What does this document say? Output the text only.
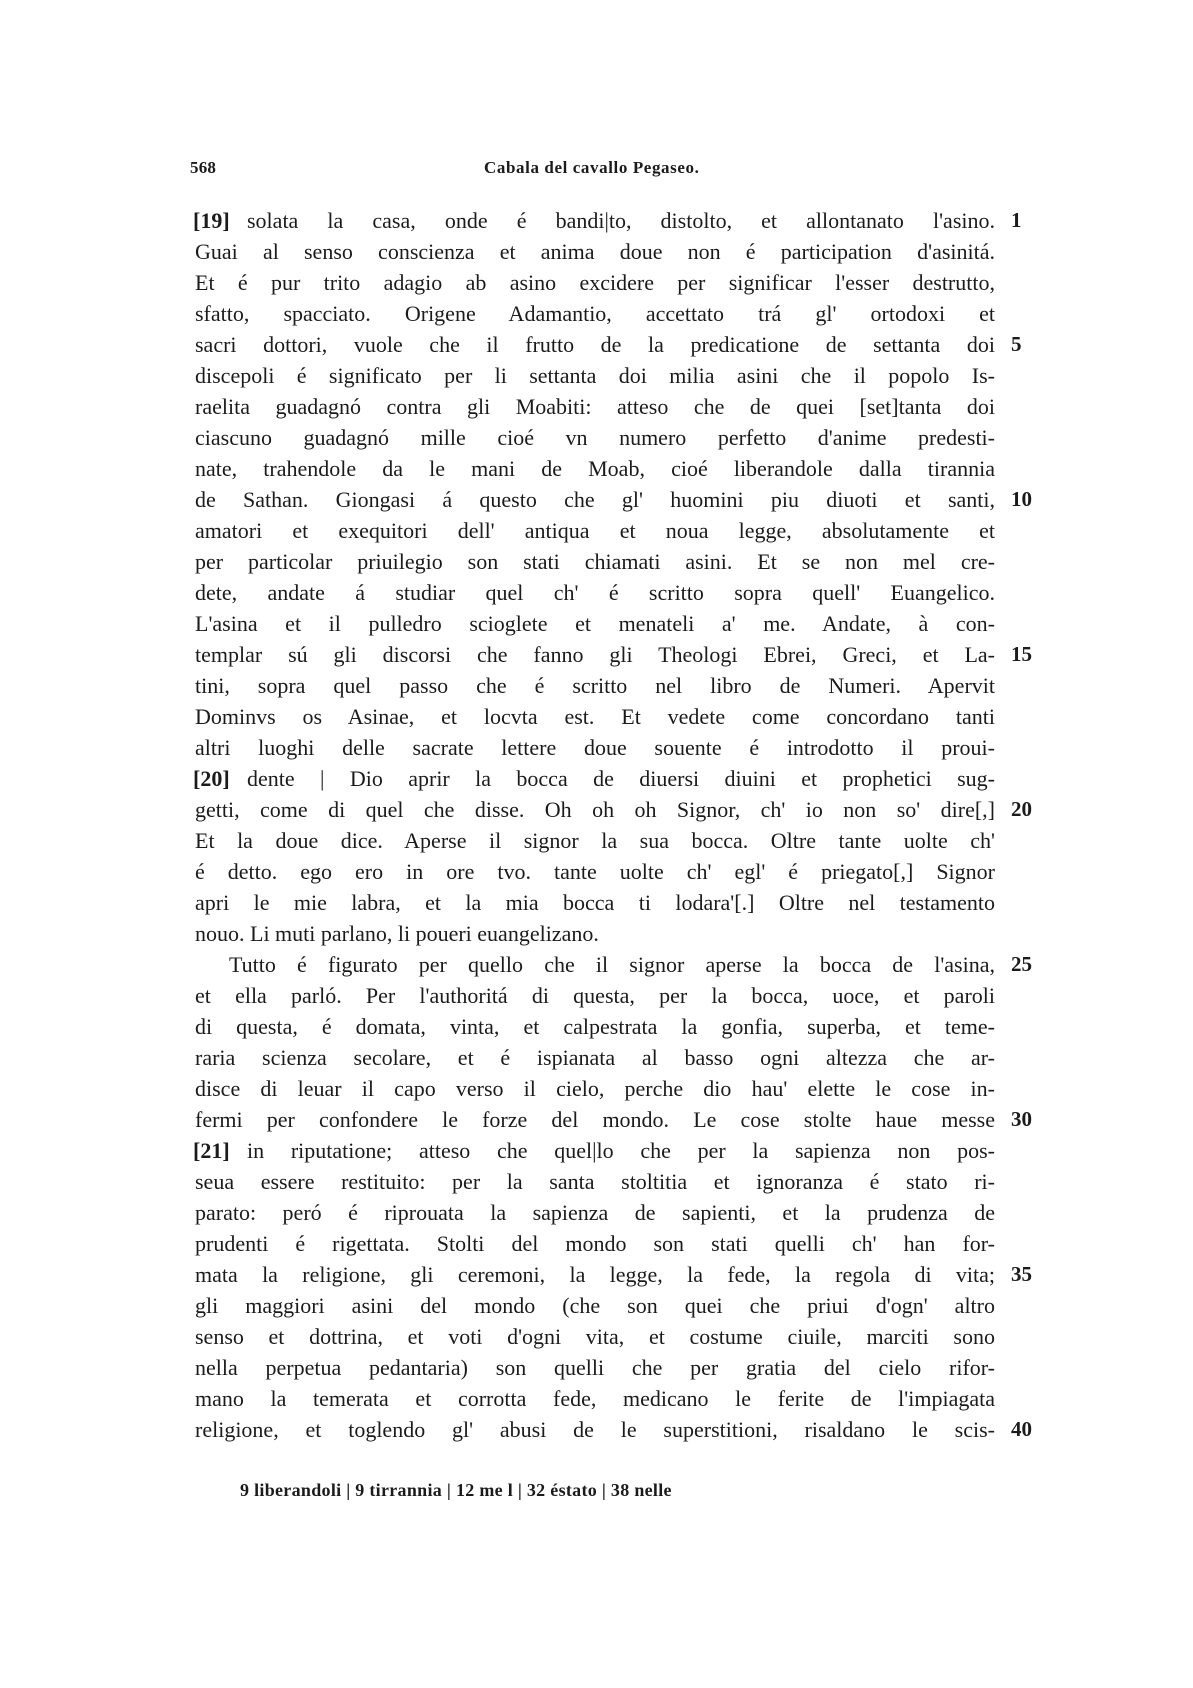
568	Cabala del cavallo Pegaseo.
[19] solata la casa, onde é bandi|to, distolto, et allontanato l'asino. 1
Guai al senso conscienza et anima doue non é participation d'asinitá.
Et é pur trito adagio ab asino excidere per significar l'esser destrutto,
sfatto, spacciato. Origene Adamantio, accettato trá gl' ortodoxi et
sacri dottori, vuole che il frutto de la predicatione de settanta doi 5
discepoli é significato per li settanta doi milia asini che il popolo Is-
raelita guadagnó contra gli Moabiti: atteso che de quei [set]tanta doi
ciascuno guadagnó mille cioé vn numero perfetto d'anime predesti-
nate, trahendole da le mani de Moab, cioé liberandole dalla tirannia
de Sathan. Giongasi á questo che gl' huomini piu diuoti et santi, 10
amatori et exequitori dell' antiqua et noua legge, absolutamente et
per particolar priuilegio son stati chiamati asini. Et se non mel cre-
dete, andate á studiar quel ch' é scritto sopra quell' Euangelico.
L'asina et il pulledro scioglete et menateli a' me. Andate, à con-
templar sú gli discorsi che fanno gli Theologi Ebrei, Greci, et La- 15
tini, sopra quel passo che é scritto nel libro de Numeri. Apervit
Dominvs os Asinae, et locvta est. Et vedete come concordano tanti
altri luoghi delle sacrate lettere doue souente é introdotto il proui-
[20] dente | Dio aprir la bocca de diuersi diuini et prophetici sug-
getti, come di quel che disse. Oh oh oh Signor, ch' io non so' dire[,] 20
Et la doue dice. Aperse il signor la sua bocca. Oltre tante uolte ch'
é detto. ego ero in ore tvo. tante uolte ch' egl' é priegato[,] Signor
apri le mie labra, et la mia bocca ti lodara'[.] Oltre nel testamento
nouo. Li muti parlano, li poueri euangelizano.
Tutto é figurato per quello che il signor aperse la bocca de l'asina, 25
et ella parló. Per l'authoritá di questa, per la bocca, uoce, et paroli
di questa, é domata, vinta, et calpestrata la gonfia, superba, et teme-
raria scienza secolare, et é ispianata al basso ogni altezza che ar-
disce di leuar il capo verso il cielo, perche dio hau' elette le cose in-
fermi per confondere le forze del mondo. Le cose stolte haue messe 30
[21] in riputatione; atteso che quel|lo che per la sapienza non pos-
seua essere restituito: per la santa stoltitia et ignoranza é stato ri-
parato: peró é riprouata la sapienza de sapienti, et la prudenza de
prudenti é rigettata. Stolti del mondo son stati quelli ch' han for-
mata la religione, gli ceremoni, la legge, la fede, la regola di vita; 35
gli maggiori asini del mondo (che son quei che priui d'ogn' altro
senso et dottrina, et voti d'ogni vita, et costume ciuile, marciti sono
nella perpetua pedantaria) son quelli che per gratia del cielo rifor-
mano la temerata et corrotta fede, medicano le ferite de l'impiagata
religione, et toglendo gl' abusi de le superstitioni, risaldano le scis- 40
9 liberandoli | 9 tirrannia | 12 me l | 32 éstato | 38 nelle
